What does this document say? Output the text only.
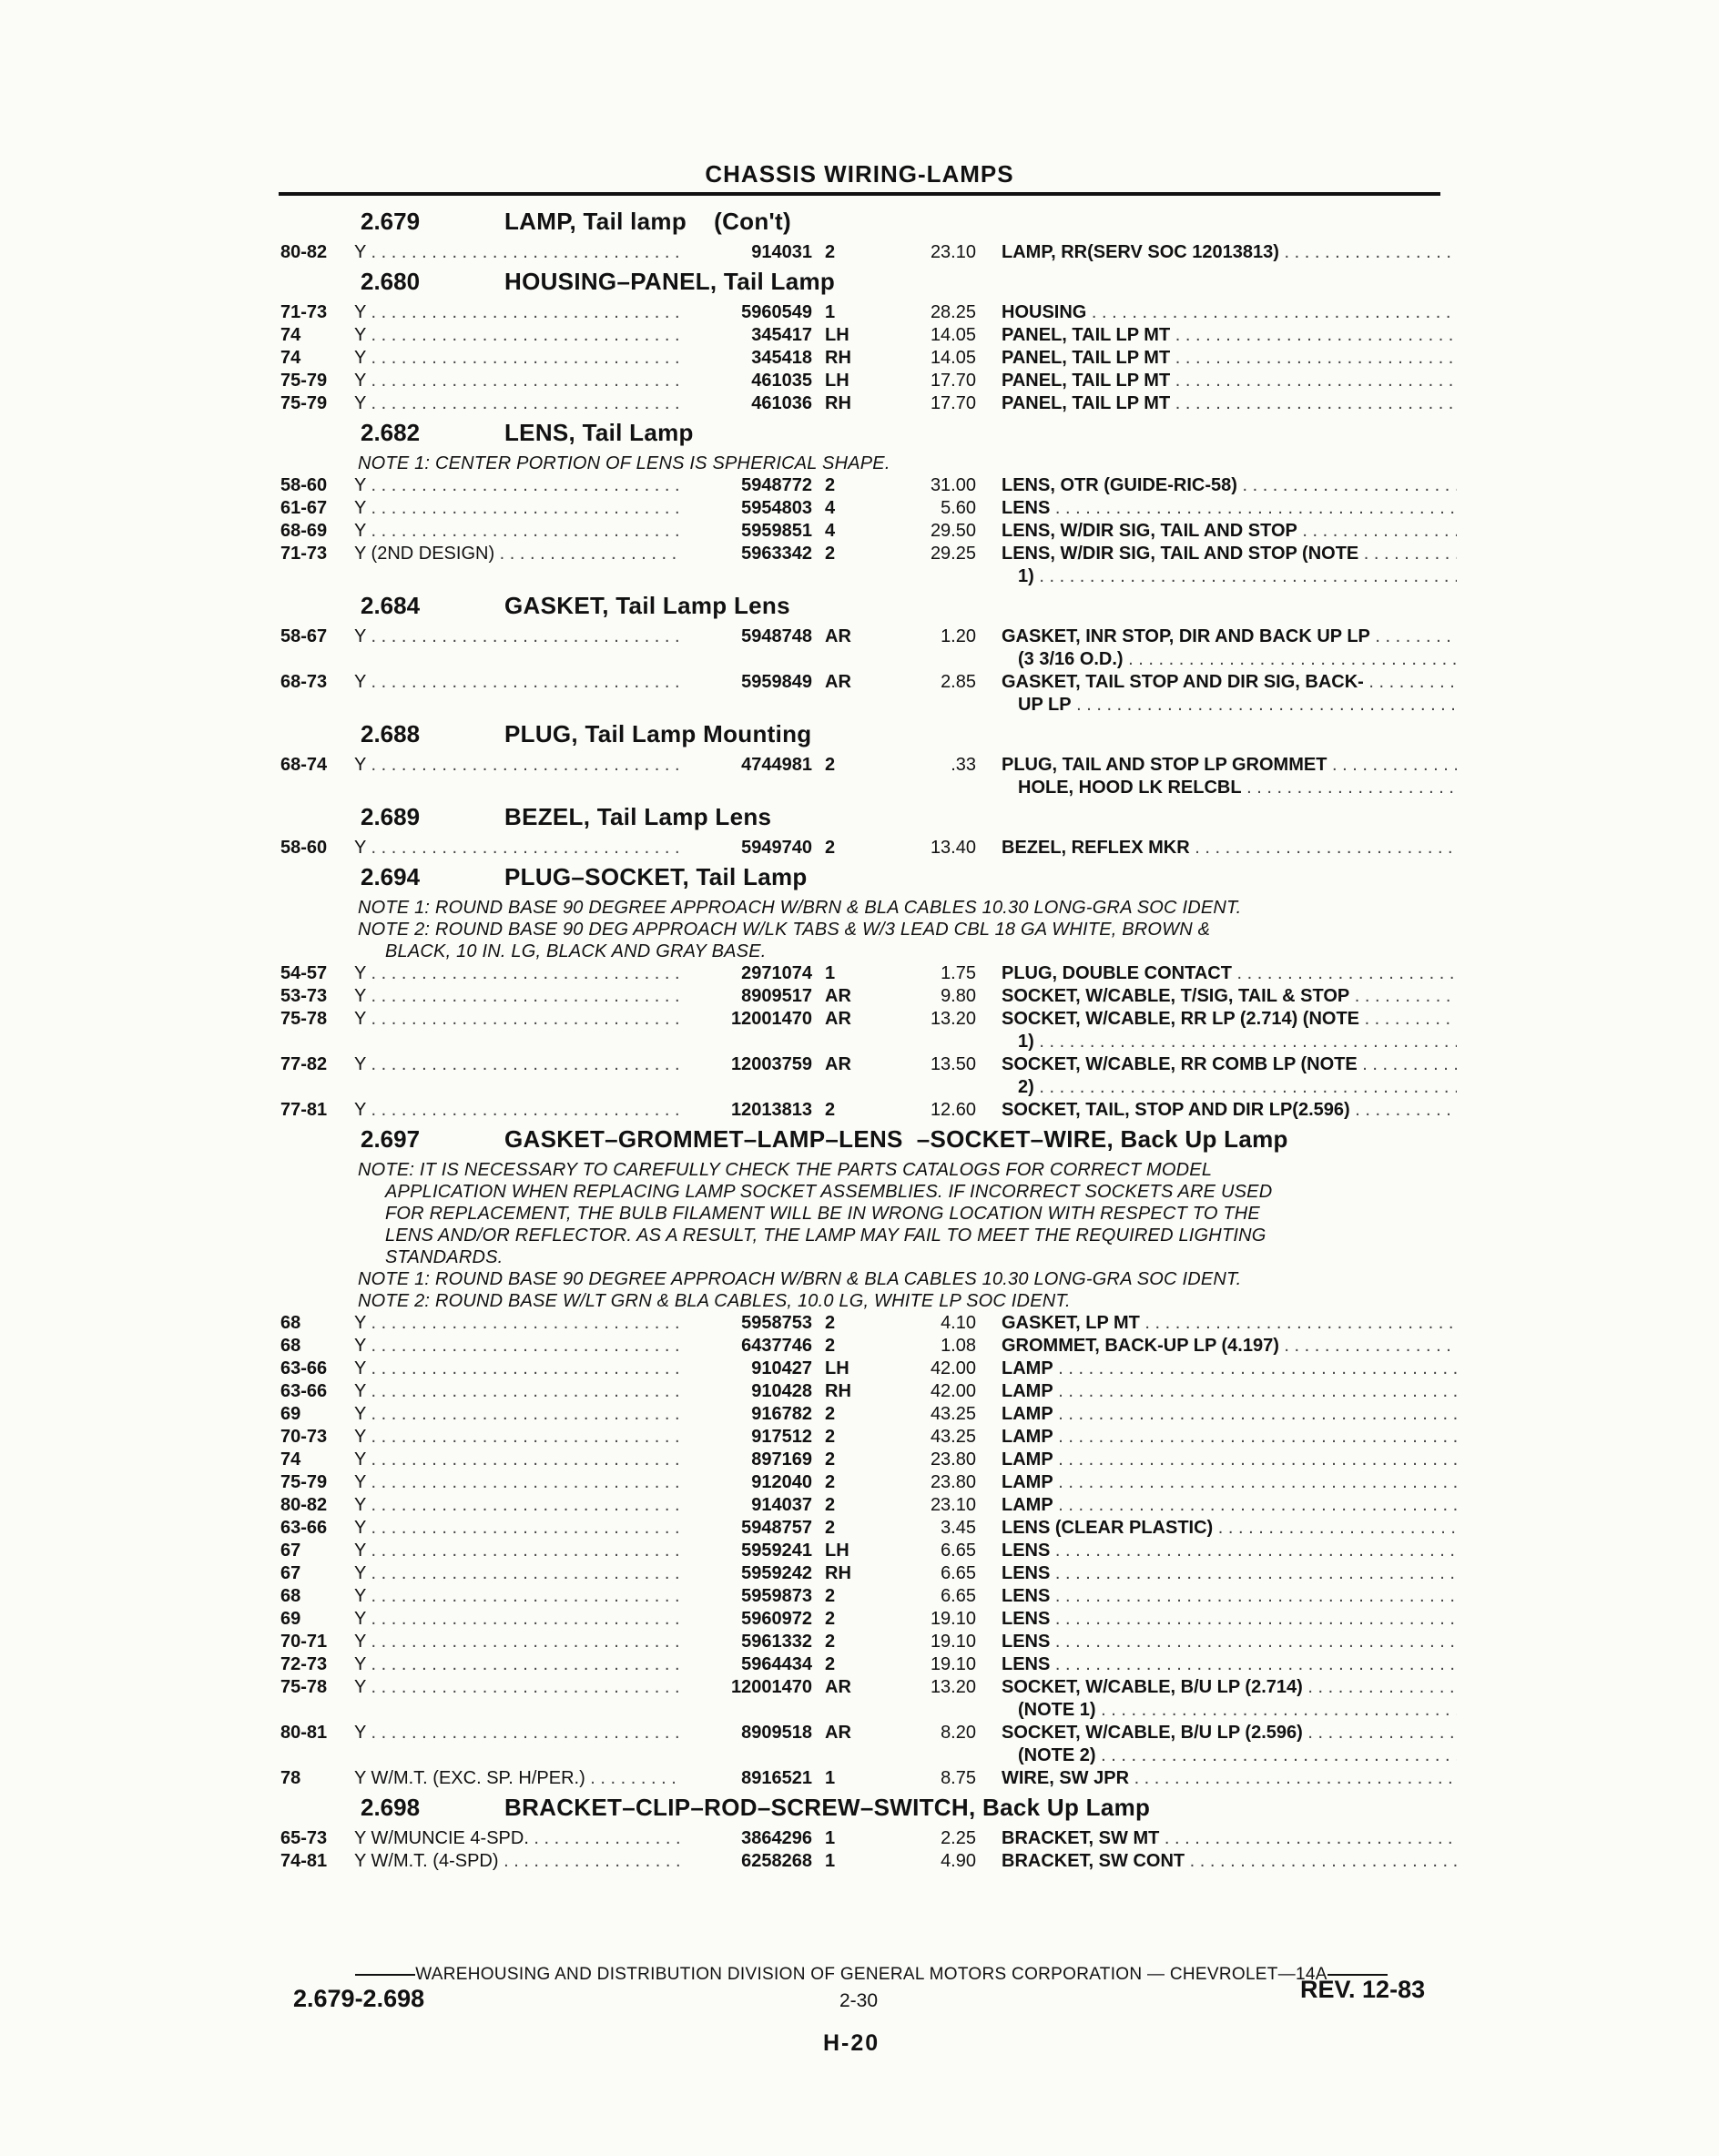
CHASSIS WIRING-LAMPS
2.679	LAMP, Tail lamp    (Con't)
80-82	Y . . .	914031 2	23.10 LAMP, RR(SERV SOC 12013813) . . .
2.680	HOUSING–PANEL, Tail Lamp
71-73	Y . . .	5960549 1	28.25 HOUSING . . .
74	Y . . .	345417 LH	14.05 PANEL, TAIL LP MT . . .
74	Y . . .	345418 RH	14.05 PANEL, TAIL LP MT . . .
75-79	Y . . .	461035 LH	17.70 PANEL, TAIL LP MT . . .
75-79	Y . . .	461036 RH	17.70 PANEL, TAIL LP MT . . .
2.682	LENS, Tail Lamp
NOTE 1: CENTER PORTION OF LENS IS SPHERICAL SHAPE.
58-60	Y . . .	5948772 2	31.00 LENS, OTR (GUIDE-RIC-58) . . .
61-67	Y . . .	5954803 4	5.60 LENS . . .
68-69	Y . . .	5959851 4	29.50 LENS, W/DIR SIG, TAIL AND STOP . . .
71-73	Y (2ND DESIGN) . . .	5963342 2	29.25 LENS, W/DIR SIG, TAIL AND STOP (NOTE . . .
1) . . .
2.684	GASKET, Tail Lamp Lens
58-67	Y . . .	5948748 AR	1.20 GASKET, INR STOP, DIR AND BACK UP LP . . .
(3 3/16 O.D.) . . .
68-73	Y . . .	5959849 AR	2.85 GASKET, TAIL STOP AND DIR SIG, BACK- . . .
UP LP . . .
2.688	PLUG, Tail Lamp Mounting
68-74	Y . . .	4744981 2	.33 PLUG, TAIL AND STOP LP GROMMET . . .
HOLE, HOOD LK RELCBL . . .
2.689	BEZEL, Tail Lamp Lens
58-60	Y . . .	5949740 2	13.40 BEZEL, REFLEX MKR . . .
2.694	PLUG–SOCKET, Tail Lamp
NOTE 1: ROUND BASE 90 DEGREE APPROACH W/BRN & BLA CABLES 10.30 LONG-GRA SOC IDENT.
NOTE 2: ROUND BASE 90 DEG APPROACH W/LK TABS & W/3 LEAD CBL 18 GA WHITE, BROWN &
BLACK, 10 IN. LG, BLACK AND GRAY BASE.
54-57	Y . . .	2971074 1	1.75 PLUG, DOUBLE CONTACT . . .
53-73	Y . . .	8909517 AR	9.80 SOCKET, W/CABLE, T/SIG, TAIL & STOP . . .
75-78	Y . . .	12001470 AR	13.20 SOCKET, W/CABLE, RR LP (2.714) (NOTE . . .
1) . . .
77-82	Y . . .	12003759 AR	13.50 SOCKET, W/CABLE, RR COMB LP (NOTE . . .
2) . . .
77-81	Y . . .	12013813 2	12.60 SOCKET, TAIL, STOP AND DIR LP(2.596) . . .
2.697	GASKET–GROMMET–LAMP–LENS  –SOCKET–WIRE, Back Up Lamp
NOTE: IT IS NECESSARY TO CAREFULLY CHECK THE PARTS CATALOGS FOR CORRECT MODEL
APPLICATION WHEN REPLACING LAMP SOCKET ASSEMBLIES. IF INCORRECT SOCKETS ARE USED
FOR REPLACEMENT, THE BULB FILAMENT WILL BE IN WRONG LOCATION WITH RESPECT TO THE
LENS AND/OR REFLECTOR. AS A RESULT, THE LAMP MAY FAIL TO MEET THE REQUIRED LIGHTING
STANDARDS.
NOTE 1: ROUND BASE 90 DEGREE APPROACH W/BRN & BLA CABLES 10.30 LONG-GRA SOC IDENT.
NOTE 2: ROUND BASE W/LT GRN & BLA CABLES, 10.0 LG, WHITE LP SOC IDENT.
68	Y . . .	5958753 2	4.10 GASKET, LP MT . . .
68	Y . . .	6437746 2	1.08 GROMMET, BACK-UP LP (4.197) . . .
63-66	Y . . .	910427 LH	42.00 LAMP . . .
63-66	Y . . .	910428 RH	42.00 LAMP . . .
69	Y . . .	916782 2	43.25 LAMP . . .
70-73	Y . . .	917512 2	43.25 LAMP . . .
74	Y . . .	897169 2	23.80 LAMP . . .
75-79	Y . . .	912040 2	23.80 LAMP . . .
80-82	Y . . .	914037 2	23.10 LAMP . . .
63-66	Y . . .	5948757 2	3.45 LENS (CLEAR PLASTIC) . . .
67	Y . . .	5959241 LH	6.65 LENS . . .
67	Y . . .	5959242 RH	6.65 LENS . . .
68	Y . . .	5959873 2	6.65 LENS . . .
69	Y . . .	5960972 2	19.10 LENS . . .
70-71	Y . . .	5961332 2	19.10 LENS . . .
72-73	Y . . .	5964434 2	19.10 LENS . . .
75-78	Y . . .	12001470 AR	13.20 SOCKET, W/CABLE, B/U LP (2.714) . . .
(NOTE 1) . . .
80-81	Y . . .	8909518 AR	8.20 SOCKET, W/CABLE, B/U LP (2.596) . . .
(NOTE 2) . . .
78	Y W/M.T. (EXC. SP. H/PER.) . . .	8916521 1	8.75 WIRE, SW JPR . . .
2.698	BRACKET–CLIP–ROD–SCREW–SWITCH, Back Up Lamp
65-73	Y W/MUNCIE 4-SPD. . . .	3864296 1	2.25 BRACKET, SW MT . . .
74-81	Y W/M.T. (4-SPD) . . .	6258268 1	4.90 BRACKET, SW CONT . . .
WAREHOUSING AND DISTRIBUTION DIVISION OF GENERAL MOTORS CORPORATION — CHEVROLET—14A
2.679-2.698	2-30	REV. 12-83
H-20
